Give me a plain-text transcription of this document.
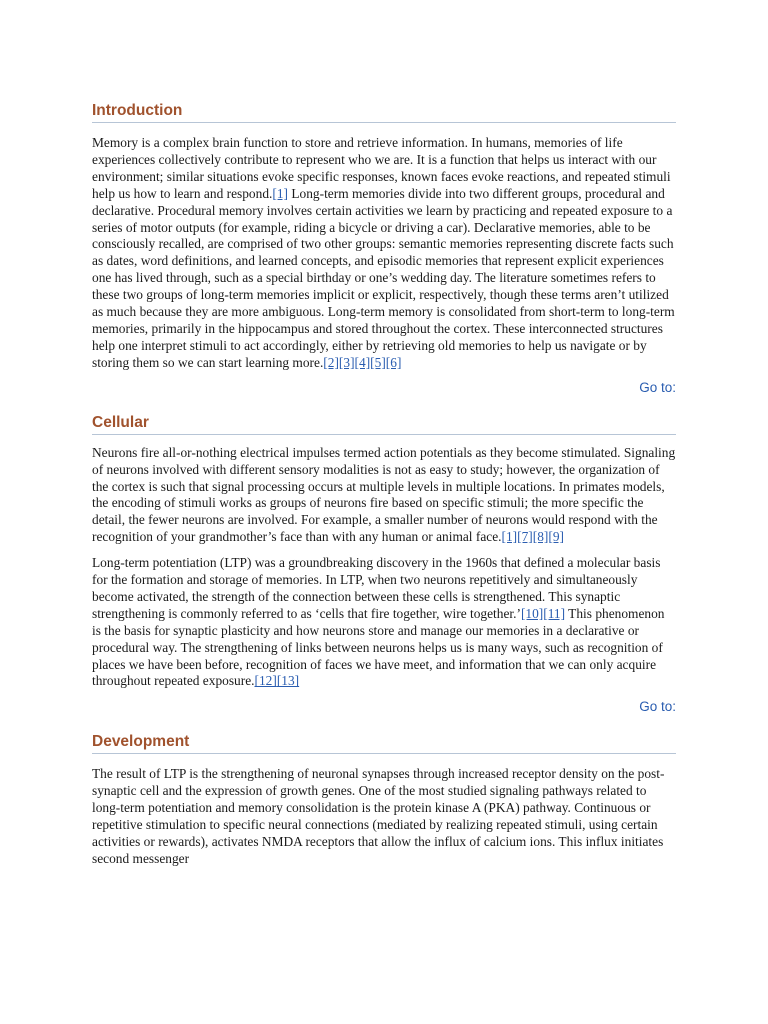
Introduction

Memory is a complex brain function to store and retrieve information. In humans, memories of life experiences collectively contribute to represent who we are. It is a function that helps us interact with our environment; similar situations evoke specific responses, known faces evoke reactions, and repeated stimuli help us how to learn and respond.[1] Long-term memories divide into two different groups, procedural and declarative. Procedural memory involves certain activities we learn by practicing and repeated exposure to a series of motor outputs (for example, riding a bicycle or driving a car). Declarative memories, able to be consciously recalled, are comprised of two other groups: semantic memories representing discrete facts such as dates, word definitions, and learned concepts, and episodic memories that represent explicit experiences one has lived through, such as a special birthday or one’s wedding day. The literature sometimes refers to these two groups of long-term memories implicit or explicit, respectively, though these terms aren’t utilized as much because they are more ambiguous. Long-term memory is consolidated from short-term to long-term memories, primarily in the hippocampus and stored throughout the cortex. These interconnected structures help one interpret stimuli to act accordingly, either by retrieving old memories to help us navigate or by storing them so we can start learning more.[2][3][4][5][6]

Go to:
Cellular

Neurons fire all-or-nothing electrical impulses termed action potentials as they become stimulated. Signaling of neurons involved with different sensory modalities is not as easy to study; however, the organization of the cortex is such that signal processing occurs at multiple levels in multiple locations. In primates models, the encoding of stimuli works as groups of neurons fire based on specific stimuli; the more specific the detail, the fewer neurons are involved. For example, a smaller number of neurons would respond with the recognition of your grandmother’s face than with any human or animal face.[1][7][8][9]

Long-term potentiation (LTP) was a groundbreaking discovery in the 1960s that defined a molecular basis for the formation and storage of memories. In LTP, when two neurons repetitively and simultaneously become activated, the strength of the connection between these cells is strengthened. This synaptic strengthening is commonly referred to as ‘cells that fire together, wire together.’[10][11] This phenomenon is the basis for synaptic plasticity and how neurons store and manage our memories in a declarative or procedural way. The strengthening of links between neurons helps us is many ways, such as recognition of places we have been before, recognition of faces we have meet, and information that we can only acquire throughout repeated exposure.[12][13]

Go to:
Development

The result of LTP is the strengthening of neuronal synapses through increased receptor density on the post-synaptic cell and the expression of growth genes. One of the most studied signaling pathways related to long-term potentiation and memory consolidation is the protein kinase A (PKA) pathway. Continuous or repetitive stimulation to specific neural connections (mediated by realizing repeated stimuli, using certain activities or rewards), activates NMDA receptors that allow the influx of calcium ions. This influx initiates second messenger
